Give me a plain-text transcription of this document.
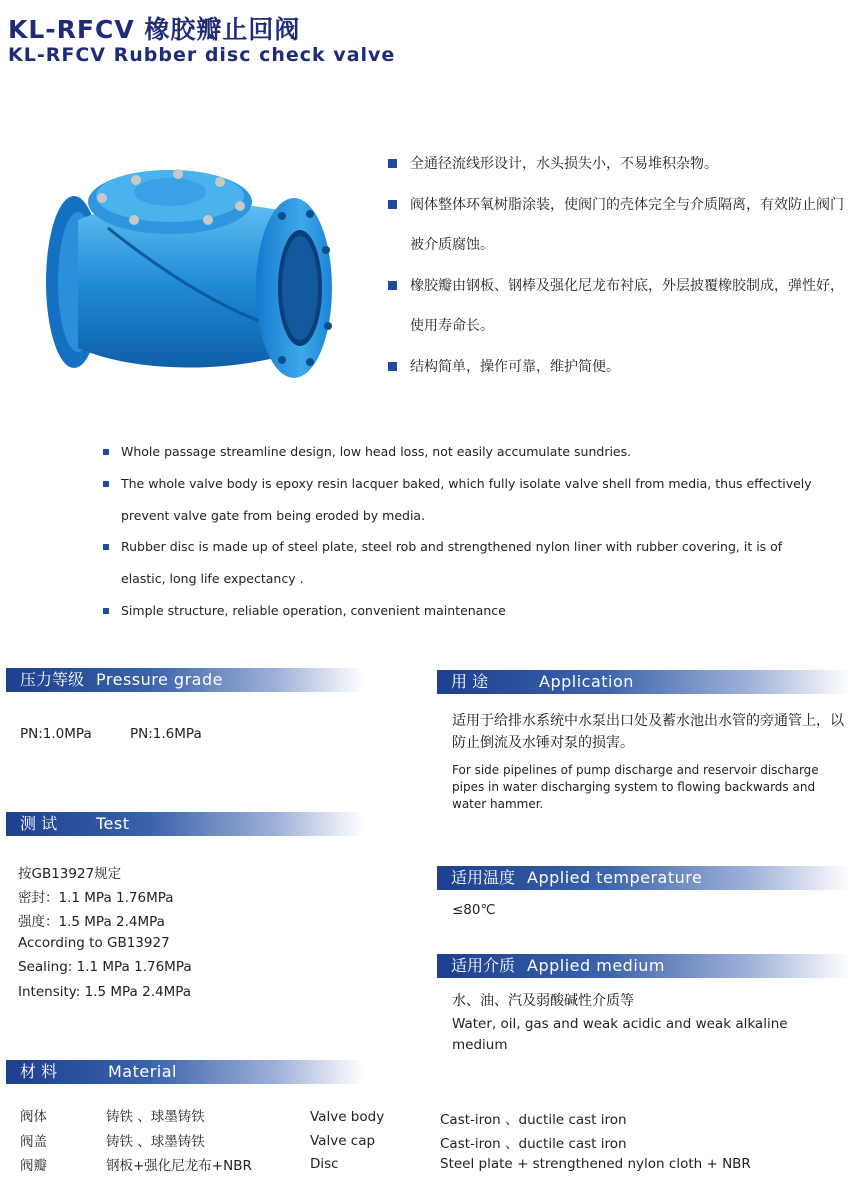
KL-RFCV 橡胶瓣止回阀
KL-RFCV Rubber disc check valve
全通径流线形设计，水头损失小，不易堆积杂物。
阀体整体环氧树脂涂装，使阀门的壳体完全与介质隔离，有效防止阀门被介质腐蚀。
橡胶瓣由钢板、钢棒及强化尼龙布衬底，外层披覆橡胶制成，弹性好，使用寿命长。
结构简单，操作可靠，维护简便。
Whole passage streamline design, low head loss, not easily accumulate sundries.
The whole valve body is epoxy resin lacquer baked, which fully isolate valve shell from media, thus effectively prevent valve gate from being eroded by media.
Rubber disc is made up of steel plate, steel rob and strengthened nylon liner with rubber covering, it is of elastic, long life expectancy .
Simple structure, reliable operation, convenient maintenance
压力等级 Pressure grade
PN:1.0MPa	PN:1.6MPa
测 试 Test
按GB13927规定
密封：1.1 MPa 1.76MPa
强度：1.5 MPa 2.4MPa
According to GB13927
Sealing: 1.1 MPa 1.76MPa
Intensity: 1.5 MPa 2.4MPa
用 途	Application
适用于给排水系统中水泵出口处及蓄水池出水管的旁通管上，以防止倒流及水锤对泵的损害。
For side pipelines of pump discharge and reservoir discharge pipes in water discharging system to flowing backwards and water hammer.
适用温度 Applied temperature
≤80℃
适用介质 Applied medium
水、油、汽及弱酸碱性介质等
Water, oil, gas and weak acidic and weak alkaline medium
材 料	Material
阀体	铸铁 、球墨铸铁	Valve body	Cast-iron 、ductile cast iron
阀盖	铸铁 、球墨铸铁	Valve cap	Cast-iron 、ductile cast iron
阀瓣	钢板+强化尼龙布+NBR	Disc	Steel plate + strengthened nylon cloth + NBR
